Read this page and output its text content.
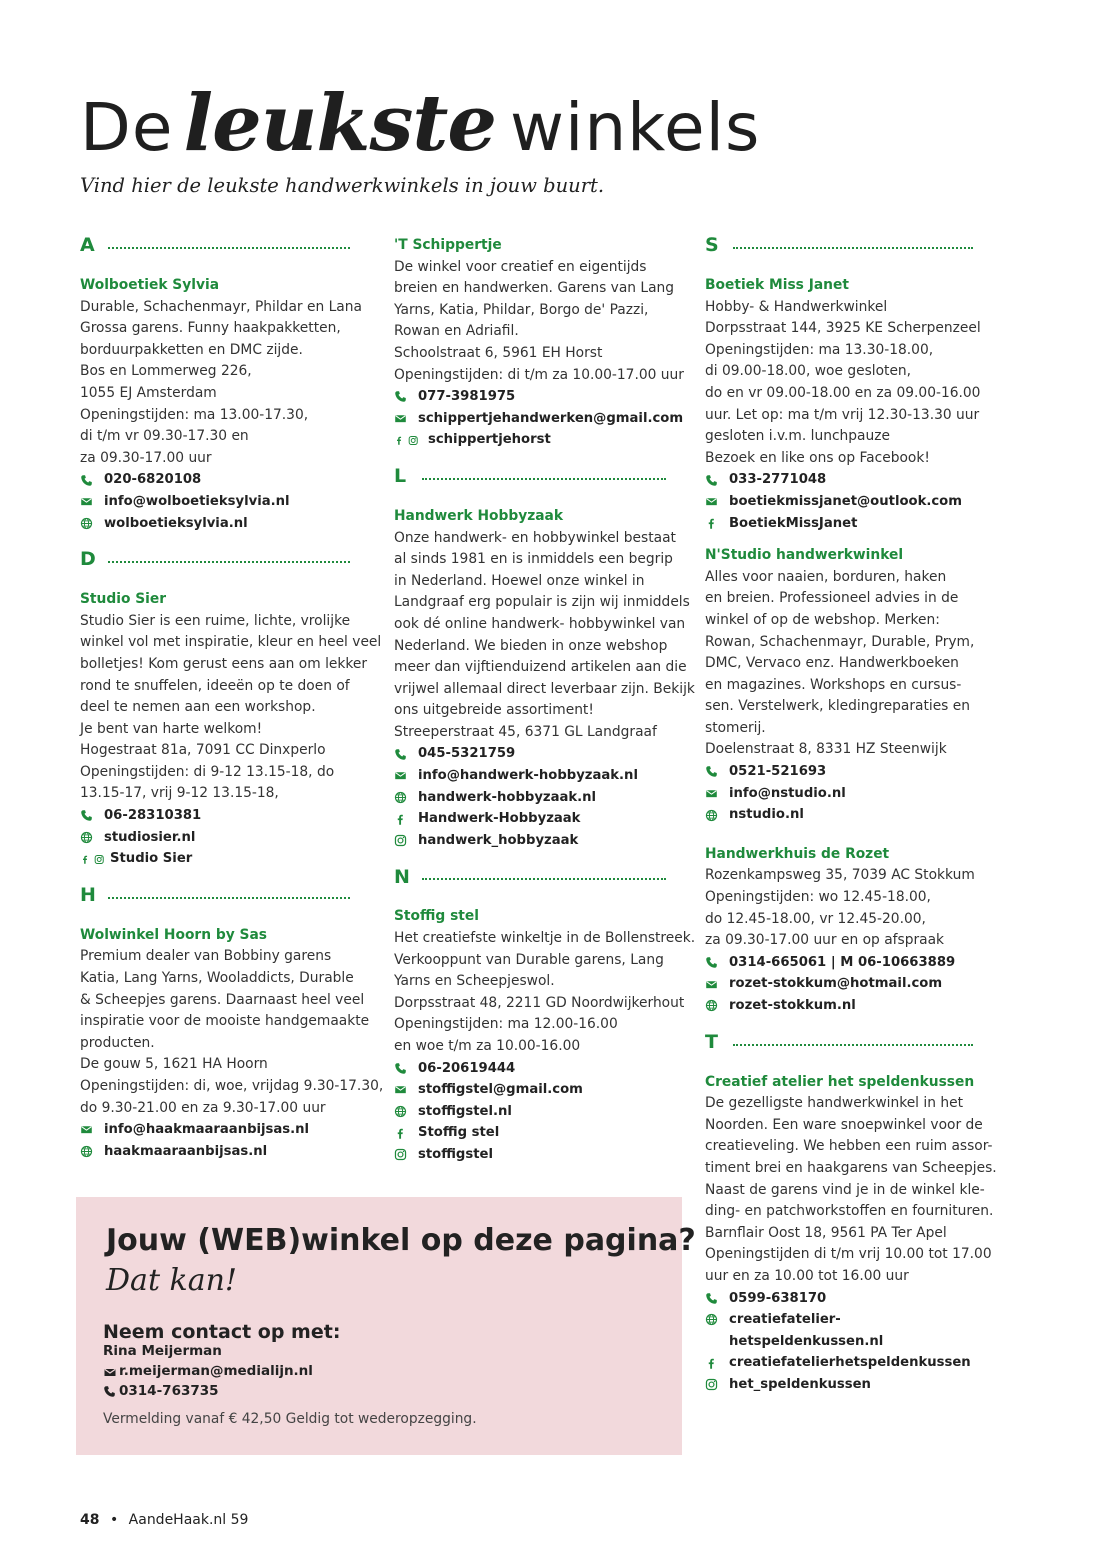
De leukste winkels
Vind hier de leukste handwerkwinkels in jouw buurt.
A
Wolboetiek Sylvia
Durable, Schachenmayr, Phildar en Lana
Grossa garens. Funny haakpakketten,
borduurpakketten en DMC zijde.
Bos en Lommerweg 226,
1055 EJ Amsterdam
Openingstijden: ma 13.00-17.30,
di t/m vr 09.30-17.30 en
za 09.30-17.00 uur
020-6820108
info@wolboetieksylvia.nl
wolboetieksylvia.nl
D
Studio Sier
Studio Sier is een ruime, lichte, vrolijke
winkel vol met inspiratie, kleur en heel veel
bolletjes! Kom gerust eens aan om lekker
rond te snuffelen, ideeën op te doen of
deel te nemen aan een workshop.
Je bent van harte welkom!
Hogestraat 81a, 7091 CC Dinxperlo
Openingstijden: di 9-12 13.15-18, do
13.15-17, vrij 9-12 13.15-18,
06-28310381
studiosier.nl
Studio Sier
H
Wolwinkel Hoorn by Sas
Premium dealer van Bobbiny garens
Katia, Lang Yarns, Wooladdicts, Durable
& Scheepjes garens. Daarnaast heel veel
inspiratie voor de mooiste handgemaakte
producten.
De gouw 5, 1621 HA Hoorn
Openingstijden: di, woe, vrijdag 9.30-17.30,
do 9.30-21.00 en za 9.30-17.00 uur
info@haakmaaraanbijsas.nl
haakmaaraanbijsas.nl
'T Schippertje
De winkel voor creatief en eigentijds
breien en handwerken. Garens van Lang
Yarns, Katia, Phildar, Borgo de' Pazzi,
Rowan en Adriafil.
Schoolstraat 6, 5961 EH Horst
Openingstijden: di t/m za 10.00-17.00 uur
077-3981975
schippertjehandwerken@gmail.com
schippertjehorst
L
Handwerk Hobbyzaak
Onze handwerk- en hobbywinkel bestaat
al sinds 1981 en is inmiddels een begrip
in Nederland. Hoewel onze winkel in
Landgraaf erg populair is zijn wij inmiddels
ook dé online handwerk- hobbywinkel van
Nederland. We bieden in onze webshop
meer dan vijftienduizend artikelen aan die
vrijwel allemaal direct leverbaar zijn. Bekijk
ons uitgebreide assortiment!
Streeperstraat 45, 6371 GL Landgraaf
045-5321759
info@handwerk-hobbyzaak.nl
handwerk-hobbyzaak.nl
Handwerk-Hobbyzaak
handwerk_hobbyzaak
N
Stoffig stel
Het creatiefste winkeltje in de Bollenstreek.
Verkooppunt van Durable garens, Lang
Yarns en Scheepjeswol.
Dorpsstraat 48, 2211 GD Noordwijkerhout
Openingstijden: ma 12.00-16.00
en woe t/m za 10.00-16.00
06-20619444
stoffigstel@gmail.com
stoffigstel.nl
Stoffig stel
stoffigstel
S
Boetiek Miss Janet
Hobby- & Handwerkwinkel
Dorpsstraat 144, 3925 KE Scherpenzeel
Openingstijden: ma 13.30-18.00,
di 09.00-18.00, woe gesloten,
do en vr 09.00-18.00 en za 09.00-16.00
uur. Let op: ma t/m vrij 12.30-13.30 uur
gesloten i.v.m. lunchpauze
Bezoek en like ons op Facebook!
033-2771048
boetiekmissjanet@outlook.com
BoetiekMissJanet
N'Studio handwerkwinkel
Alles voor naaien, borduren, haken
en breien. Professioneel advies in de
winkel of op de webshop. Merken:
Rowan, Schachenmayr, Durable, Prym,
DMC, Vervaco enz. Handwerkboeken
en magazines. Workshops en cursus-
sen. Verstelwerk, kledingreparaties en
stomerij.
Doelenstraat 8, 8331 HZ Steenwijk
0521-521693
info@nstudio.nl
nstudio.nl
Handwerkhuis de Rozet
Rozenkampsweg 35, 7039 AC Stokkum
Openingstijden: wo 12.45-18.00,
do 12.45-18.00, vr 12.45-20.00,
za 09.30-17.00 uur en op afspraak
0314-665061 | M 06-10663889
rozet-stokkum@hotmail.com
rozet-stokkum.nl
T
Creatief atelier het speldenkussen
De gezelligste handwerkwinkel in het
Noorden. Een ware snoepwinkel voor de
creatieveling. We hebben een ruim assor-
timent brei en haakgarens van Scheepjes.
Naast de garens vind je in de winkel kle-
ding- en patchworkstoffen en fournituren.
Barnflair Oost 18, 9561 PA Ter Apel
Openingstijden di t/m vrij 10.00 tot 17.00
uur en za 10.00 tot 16.00 uur
0599-638170
creatiefatelier-
hetspeldenkussen.nl
creatiefatelierhetspeldenkussen
het_speldenkussen
Jouw (WEB)winkel op deze pagina?
Dat kan!
Neem contact op met:
Rina Meijerman
r.meijerman@medialijn.nl
0314-763735
Vermelding vanaf € 42,50 Geldig tot wederopzegging.
48 • AandeHaak.nl 59
